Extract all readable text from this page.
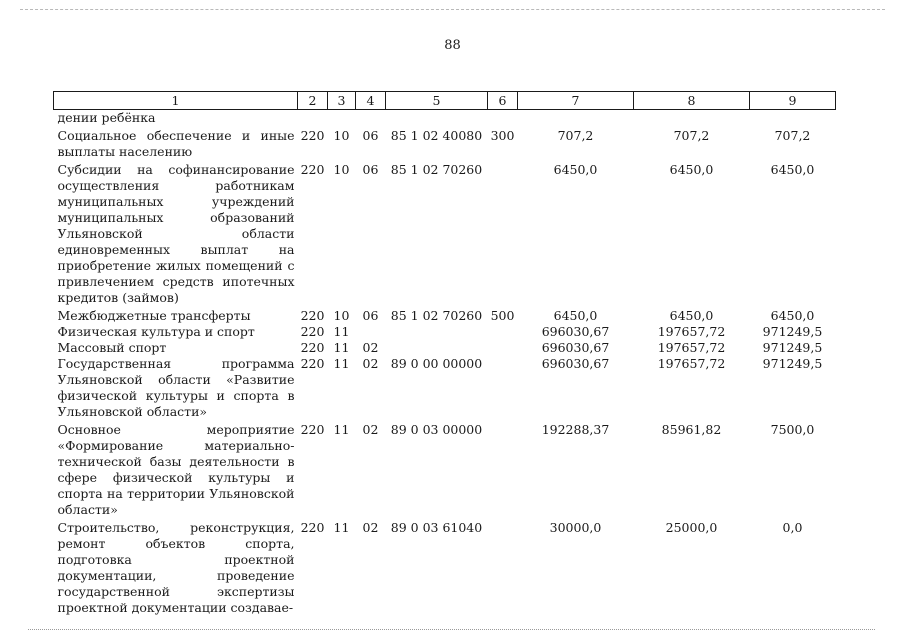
88
1	2	3	4	5	6	7	8	9
дении ребёнка								
Социальное обеспечение и иные выплаты населению	220	10	06	85 1 02 40080	300	707,2	707,2	707,2
Субсидии на софинансирование осуществления работникам муниципальных учреждений муниципальных образований Ульяновской области единовременных выплат на приобретение жилых помещений с привлечением средств ипотечных кредитов (займов)	220	10	06	85 1 02 70260		6450,0	6450,0	6450,0
Межбюджетные трансферты	220	10	06	85 1 02 70260	500	6450,0	6450,0	6450,0
Физическая культура и спорт	220	11				696030,67	197657,72	971249,5
Массовый спорт	220	11	02			696030,67	197657,72	971249,5
Государственная программа Ульяновской области «Развитие физической культуры и спорта в Ульяновской области»	220	11	02	89 0 00 00000		696030,67	197657,72	971249,5
Основное мероприятие «Формирование материально-технической базы деятельности в сфере физической культуры и спорта на территории Ульяновской области»	220	11	02	89 0 03 00000		192288,37	85961,82	7500,0
Строительство, реконструкция, ремонт объектов спорта, подготовка проектной документации, проведение государственной экспертизы проектной документации создавае-	220	11	02	89 0 03 61040		30000,0	25000,0	0,0
